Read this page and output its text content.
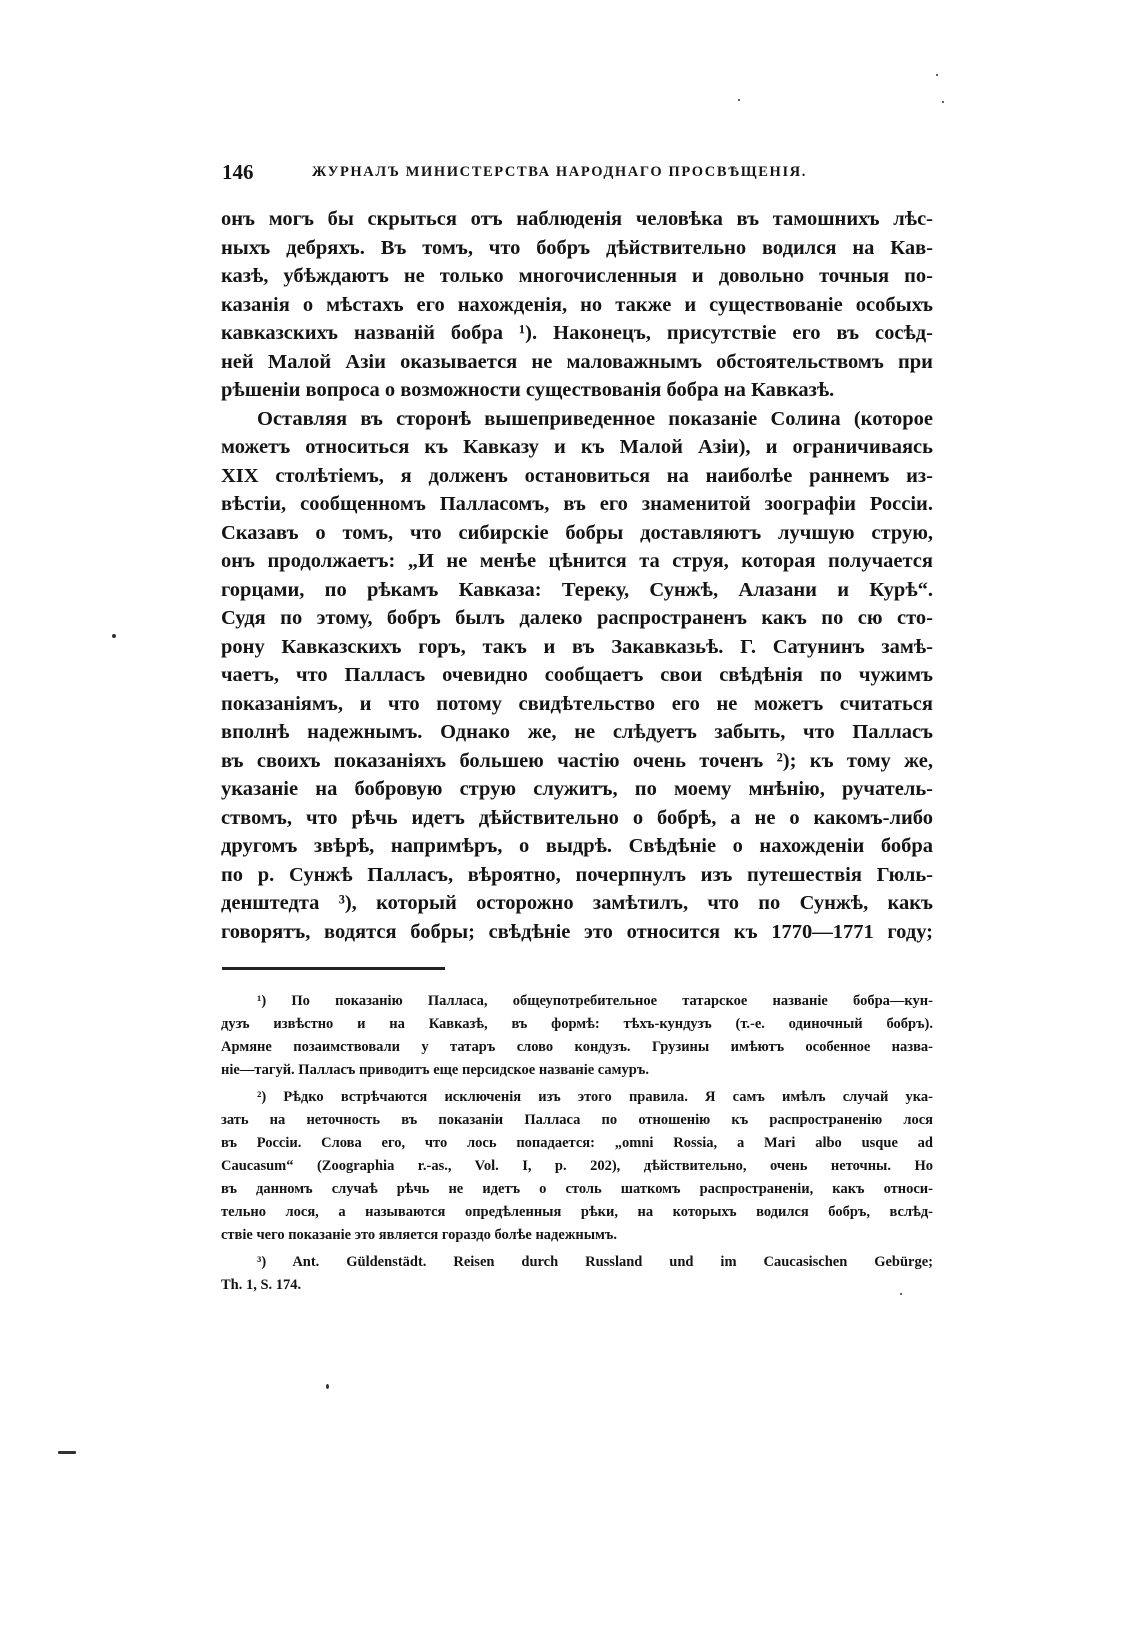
146	ЖУРНАЛЪ МИНИСТЕРСТВА НАРОДНАГО ПРОСВѢЩЕНІЯ.
онъ могъ бы скрыться отъ наблюденія человѣка въ тамошнихъ лѣс-
ныхъ дебряхъ. Въ томъ, что бобръ дѣйствительно водился на Кав-
казѣ, убѣждаютъ не только многочисленныя и довольно точныя по-
казанія о мѣстахъ его нахожденія, но также и существованіе особыхъ
кавказскихъ названій бобра ¹). Наконецъ, присутствіе его въ сосѣд-
ней Малой Азіи оказывается не маловажнымъ обстоятельствомъ при
рѣшеніи вопроса о возможности существованія бобра на Кавказѣ.
Оставляя въ сторонѣ вышеприведенное показаніе Солина (которое
можетъ относиться къ Кавказу и къ Малой Азіи), и ограничиваясь
XIX столѣтіемъ, я долженъ остановиться на наиболѣе раннемъ из-
вѣстіи, сообщенномъ Палласомъ, въ его знаменитой зоографіи Россіи.
Сказавъ о томъ, что сибирскіе бобры доставляютъ лучшую струю,
онъ продолжаетъ: „И не менѣе цѣнится та струя, которая получается
горцами, по рѣкамъ Кавказа: Тереку, Сунжѣ, Алазани и Курѣ“.
Судя по этому, бобръ былъ далеко распространенъ какъ по сю сто-
рону Кавказскихъ горъ, такъ и въ Закавказьѣ. Г. Сатунинъ замѣ-
чаетъ, что Палласъ очевидно сообщаетъ свои свѣдѣнія по чужимъ
показаніямъ, и что потому свидѣтельство его не можетъ считаться
вполнѣ надежнымъ. Однако же, не слѣдуетъ забыть, что Палласъ
въ своихъ показаніяхъ большею частію очень точенъ ²); къ тому же,
указаніе на бобровую струю служитъ, по моему мнѣнію, ручатель-
ствомъ, что рѣчь идетъ дѣйствительно о бобрѣ, а не о какомъ-либо
другомъ звѣрѣ, напримѣръ, о выдрѣ. Свѣдѣніе о нахожденіи бобра
по р. Сунжѣ Палласъ, вѣроятно, почерпнулъ изъ путешествія Гюль-
денштедта ³), который осторожно замѣтилъ, что по Сунжѣ, какъ
говорятъ, водятся бобры; свѣдѣніе это относится къ 1770—1771 году;
¹) По показанію Палласа, общеупотребительное татарское названіе бобра—кун-
дузъ извѣстно и на Кавказѣ, въ формѣ: тѣхъ-кундузъ (т.-е. одиночный бобръ).
Армяне позаимствовали у татаръ слово кондузъ. Грузины имѣютъ особенное назва-
ніе—тагуй. Палласъ приводитъ еще персидское названіе самуръ.
²) Рѣдко встрѣчаются исключенія изъ этого правила. Я самъ имѣлъ случай ука-
зать на неточность въ показаніи Палласа по отношенію къ распространенію лося
въ Россіи. Слова его, что лось попадается: „omni Rossia, a Mari albo usque ad
Caucasum“ (Zoographia r.-as., Vol. I, p. 202), дѣйствительно, очень неточны. Но
въ данномъ случаѣ рѣчь не идетъ о столь шаткомъ распространеніи, какъ относи-
тельно лося, а называются опредѣленныя рѣки, на которыхъ водился бобръ, вслѣд-
ствіе чего показаніе это является гораздо болѣе надежнымъ.
³) Ant. Güldenstädt. Reisen durch Russland und im Caucasischen Gebürge;
Th. 1, S. 174.
